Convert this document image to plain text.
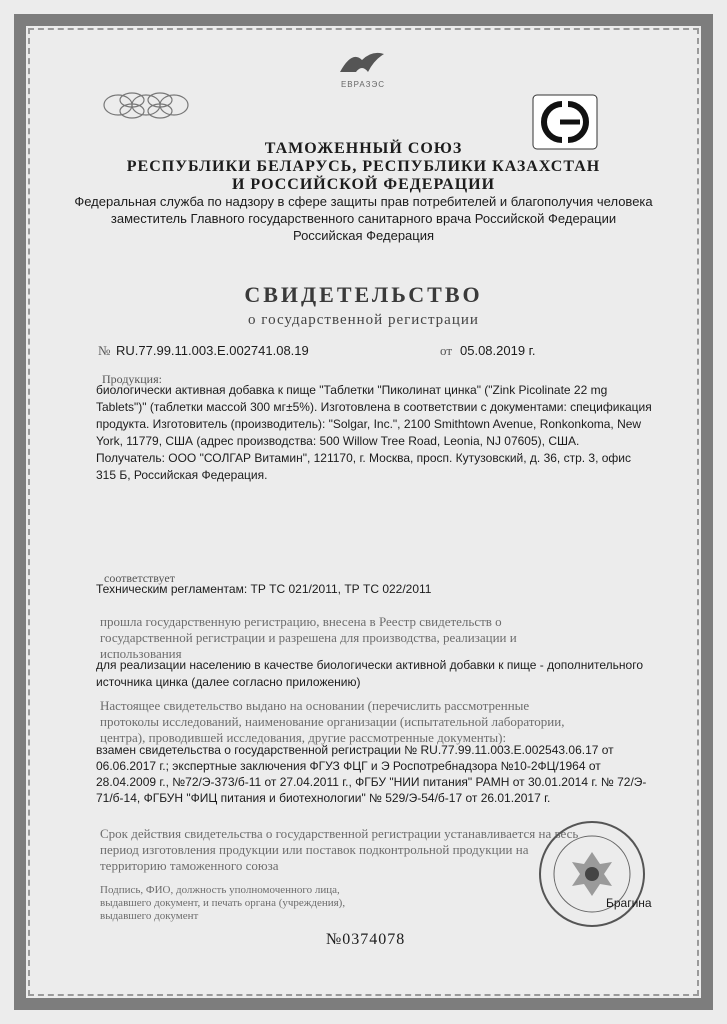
ЕВРАЗЭС
ТАМОЖЕННЫЙ СОЮЗ
РЕСПУБЛИКИ БЕЛАРУСЬ, РЕСПУБЛИКИ КАЗАХСТАН
И РОССИЙСКОЙ ФЕДЕРАЦИИ
Федеральная служба по надзору в сфере защиты прав потребителей и благополучия человека
заместитель Главного государственного санитарного врача Российской Федерации
Российская Федерация
СВИДЕТЕЛЬСТВО
о государственной регистрации
№ RU.77.99.11.003.E.002741.08.19	от 05.08.2019 г.
Продукция:

биологически активная добавка к пище "Таблетки "Пиколинат цинка" ("Zink Picolinate 22 mg

Tablets")" (таблетки массой 300 мг±5%). Изготовлена в соответствии с документами: спецификация

продукта. Изготовитель (производитель): "Solgar, Inc.", 2100 Smithtown Avenue, Ronkonkoma, New

York, 11779, США (адрес производства: 500 Willow Tree Road, Leonia, NJ 07605), США.

Получатель: ООО "СОЛГАР Витамин", 121170, г. Москва, просп. Кутузовский, д. 36, стр. 3, офис

315 Б, Российская Федерация.

соответствует
Техническим регламентам: ТР ТС 021/2011, ТР ТС 022/2011

прошла государственную регистрацию, внесена в Реестр свидетельств о

государственной регистрации и разрешена для производства, реализации и

использования

для реализации населению в качестве биологически активной добавки к пище - дополнительного

источника цинка (далее согласно приложению)

Настоящее свидетельство выдано на основании (перечислить рассмотренные

протоколы исследований, наименование организации (испытательной лаборатории,

центра), проводившей исследования, другие рассмотренные документы):

взамен свидетельства о государственной регистрации № RU.77.99.11.003.E.002543.06.17 от

06.06.2017 г.; экспертные заключения ФГУЗ ФЦГ и Э Роспотребнадзора №10-2ФЦ/1964 от

28.04.2009 г., №72/Э-373/б-11 от 27.04.2011 г., ФГБУ "НИИ питания" РАМН от 30.01.2014 г. № 72/Э-

71/б-14, ФГБУН "ФИЦ питания и биотехнологии" № 529/Э-54/б-17 от 26.01.2017 г.

Срок действия свидетельства о государственной регистрации устанавливается на весь

период изготовления продукции или поставок подконтрольной продукции на

территорию таможенного союза

Подпись, ФИО, должность уполномоченного лица,

выдавшего документ, и печать органа (учреждения),

выдавшего документ

Брагина
№0374078
